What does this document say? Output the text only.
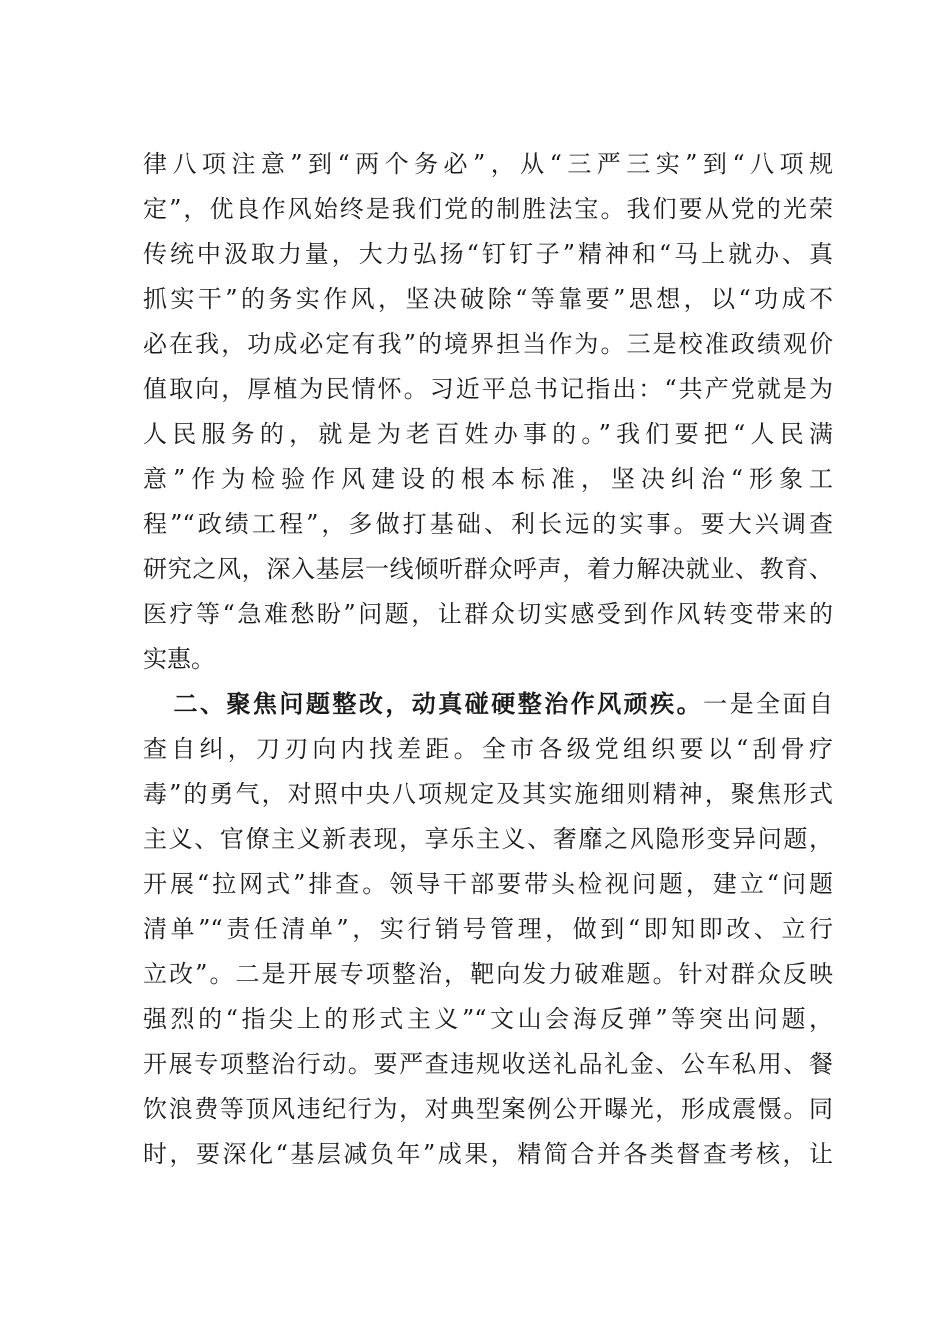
律八项注意”到“两个务必”，从“三严三实”到“八项规
定”，优良作风始终是我们党的制胜法宝。我们要从党的光荣
传统中汲取力量，大力弘扬“钉钉子”精神和“马上就办、真
抓实干”的务实作风，坚决破除“等靠要”思想，以“功成不
必在我，功成必定有我”的境界担当作为。三是校准政绩观价
值取向，厚植为民情怀。习近平总书记指出：“共产党就是为
人民服务的，就是为老百姓办事的。”我们要把“人民满
意”作为检验作风建设的根本标准，坚决纠治“形象工
程”“政绩工程”，多做打基础、利长远的实事。要大兴调查
研究之风，深入基层一线倾听群众呼声，着力解决就业、教育、
医疗等“急难愁盼”问题，让群众切实感受到作风转变带来的
实惠。
二、聚焦问题整改，动真碰硬整治作风顽疾。一是全面自
查自纠，刀刃向内找差距。全市各级党组织要以“刮骨疗
毒”的勇气，对照中央八项规定及其实施细则精神，聚焦形式
主义、官僚主义新表现，享乐主义、奢靡之风隐形变异问题，
开展“拉网式”排查。领导干部要带头检视问题，建立“问题
清单”“责任清单”，实行销号管理，做到“即知即改、立行
立改”。二是开展专项整治，靶向发力破难题。针对群众反映
强烈的“指尖上的形式主义”“文山会海反弹”等突出问题，
开展专项整治行动。要严查违规收送礼品礼金、公车私用、餐
饮浪费等顶风违纪行为，对典型案例公开曝光，形成震慑。同
时，要深化“基层减负年”成果，精简合并各类督查考核，让
